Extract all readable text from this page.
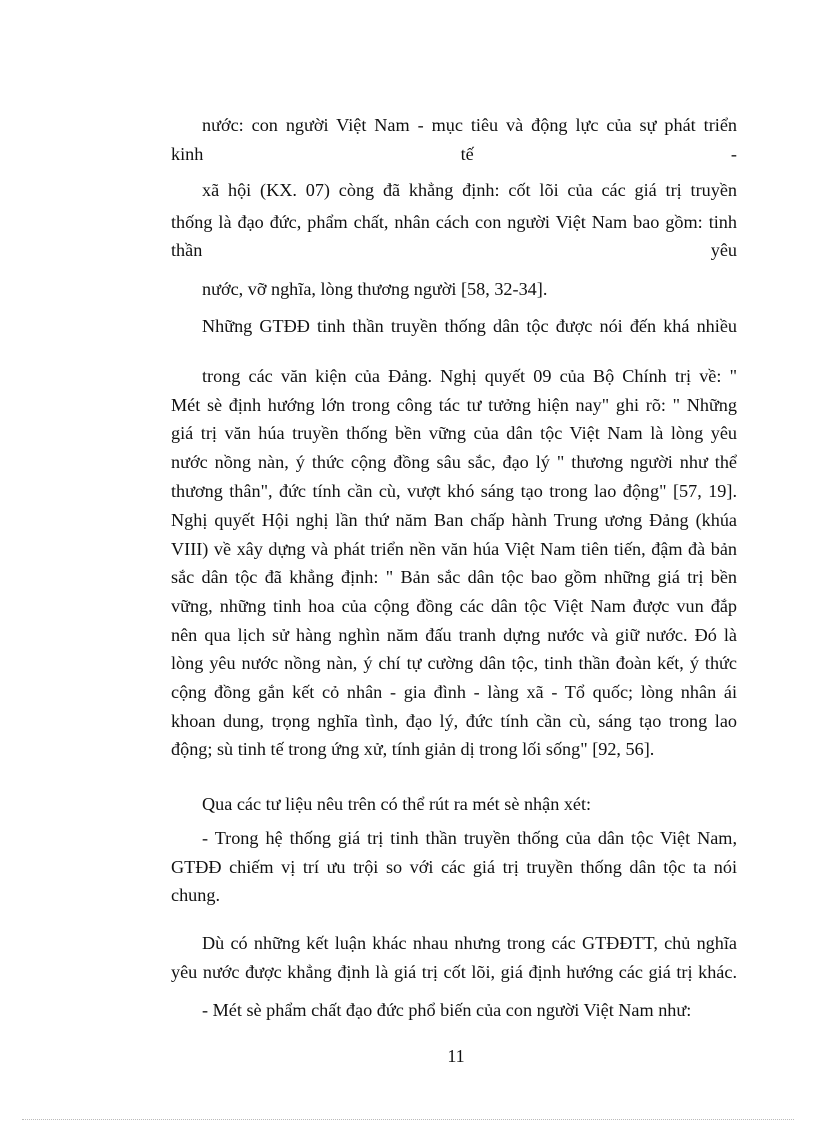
nước: con người Việt Nam - mục tiêu và động lực của sự phát triển
kinh tế -
xã hội (KX. 07) còng đã khẳng định: cốt lõi của các giá trị truyền
thống là đạo đức, phẩm chất, nhân cách con người Việt Nam bao gồm: tinh
thần yêu
nước, vỡ nghĩa, lòng thương người [58, 32-34].
Những GTĐĐ tinh thần truyền thống dân tộc được nói đến khá nhiều
trong các văn kiện của Đảng. Nghị quyết 09 của Bộ Chính trị về: "
Mét sè định hướng lớn trong công tác tư tưởng hiện nay" ghi rõ: " Những
giá trị văn húa truyền thống bền vững của dân tộc Việt Nam là lòng yêu
nước nồng nàn, ý thức cộng đồng sâu sắc, đạo lý " thương người như thể
thương thân", đức tính cần cù, vượt khó sáng tạo trong lao động" [57, 19].
Nghị quyết Hội nghị lần thứ năm Ban chấp hành Trung ương Đảng (khúa
VIII) về xây dựng và phát triển nền văn húa Việt Nam tiên tiến, đậm đà bản
sắc dân tộc đã khẳng định: " Bản sắc dân tộc bao gồm những giá trị bền
vững, những tinh hoa của cộng đồng các dân tộc Việt Nam được vun đắp
nên qua lịch sử hàng nghìn năm đấu tranh dựng nước và giữ nước. Đó là
lòng yêu nước nồng nàn, ý chí tự cường dân tộc, tinh thần đoàn kết, ý thức
cộng đồng gắn kết cỏ nhân - gia đình - làng xã - Tổ quốc; lòng nhân ái
khoan dung, trọng nghĩa tình, đạo lý, đức tính cần cù, sáng tạo trong lao
động; sù tinh tế trong ứng xử, tính giản dị trong lối sống" [92, 56].
Qua các tư liệu nêu trên có thể rút ra mét sè nhận xét:
- Trong hệ thống giá trị tinh thần truyền thống của dân tộc Việt Nam,
GTĐĐ chiếm vị trí ưu trội so với các giá trị truyền thống dân tộc ta nói
chung.
Dù có những kết luận khác nhau nhưng trong các GTĐĐTT, chủ nghĩa
yêu nước được khẳng định là giá trị cốt lõi, giá định hướng các giá trị khác.
- Mét sè phẩm chất đạo đức phổ biến của con người Việt Nam như:
11
